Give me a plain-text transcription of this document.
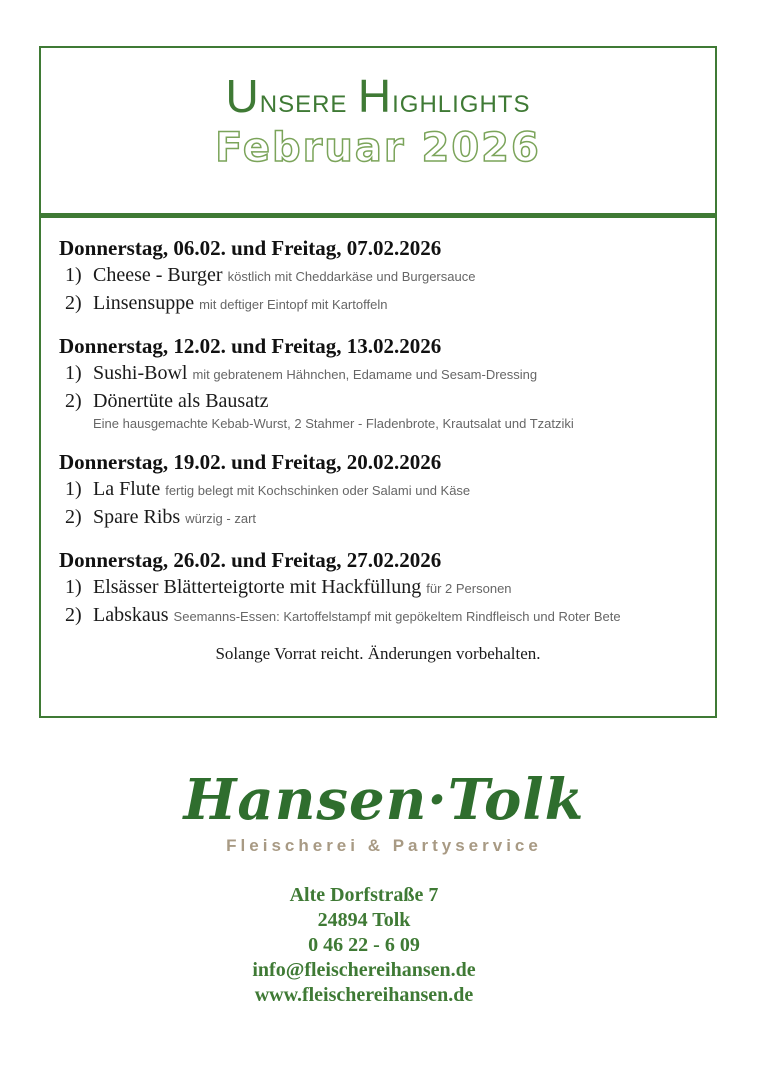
Unsere Highlights
Februar 2026
Donnerstag, 06.02. und Freitag, 07.02.2026
1) Cheese - Burger köstlich mit Cheddarkäse und Burgersauce
2) Linsensuppe mit deftiger Eintopf mit Kartoffeln
Donnerstag, 12.02. und Freitag, 13.02.2026
1) Sushi-Bowl mit gebratenem Hähnchen, Edamame und Sesam-Dressing
2) Dönertüte als Bausatz
Eine hausgemachte Kebab-Wurst, 2 Stahmer - Fladenbrote, Krautsalat und Tzatziki
Donnerstag, 19.02. und Freitag, 20.02.2026
1) La Flute fertig belegt mit Kochschinken oder Salami und Käse
2) Spare Ribs würzig - zart
Donnerstag, 26.02. und Freitag, 27.02.2026
1) Elsässer Blätterteigtorte mit Hackfüllung für 2 Personen
2) Labskaus Seemanns-Essen: Kartoffelstampf mit gepökeltem Rindfleisch und Roter Bete
Solange Vorrat reicht. Änderungen vorbehalten.
Hansen·Tolk
Fleischerei & Partyservice
Alte Dorfstraße 7
24894 Tolk
0 46 22 - 6 09
info@fleischereihansen.de
www.fleischereihansen.de
